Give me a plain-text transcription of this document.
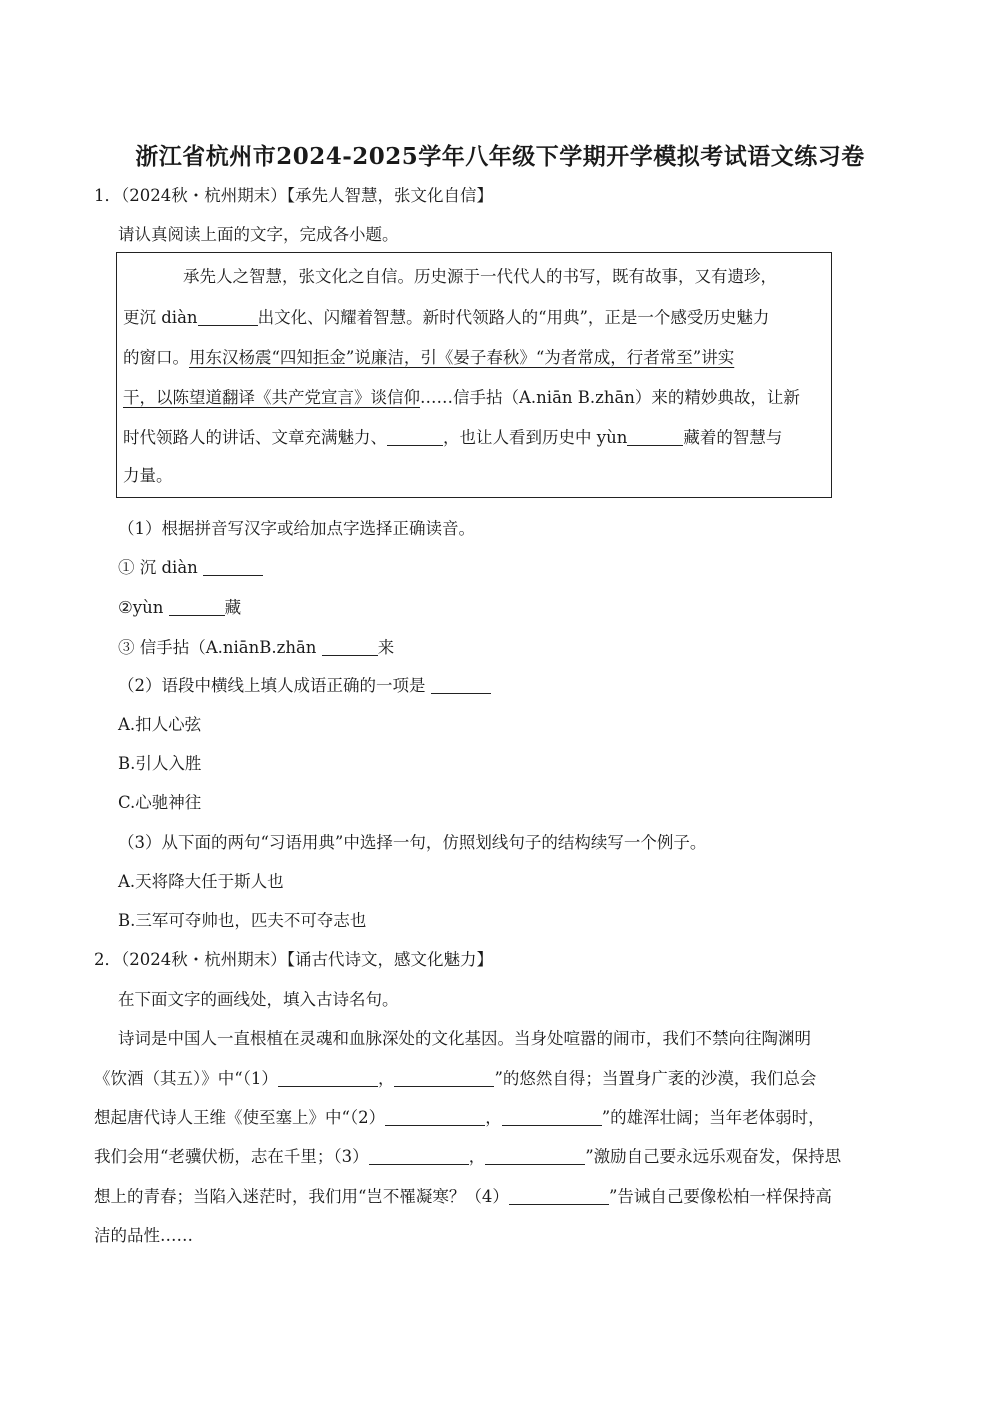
浙江省杭州市2024-2025学年八年级下学期开学模拟考试语文练习卷
1．（2024秋・杭州期末）【承先人智慧，张文化自信】
请认真阅读上面的文字，完成各小题。
承先人之智慧，张文化之自信。历史源于一代代人的书写，既有故事，又有遗珍，
更沉 diàn	出文化、闪耀着智慧。新时代领路人的“用典”，正是一个感受历史魅力
的窗口。用东汉杨震“四知拒金”说廉洁，引《晏子春秋》“为者常成，行者常至”讲实
干，以陈望道翻译《共产党宣言》谈信仰……信手拈（A.niān B.zhān）来的精妙典故，让新
时代领路人的讲话、文章充满魅力、	，也让人看到历史中 yùn	藏着的智慧与
力量。
（1）根据拼音写汉字或给加点字选择正确读音。
① 沉 diàn
②yùn	藏
③ 信手拈（A.niānB.zhān	来
（2）语段中横线上填人成语正确的一项是
A.扣人心弦
B.引人入胜
C.心驰神往
（3）从下面的两句“习语用典”中选择一句，仿照划线句子的结构续写一个例子。
A.天将降大任于斯人也
B.三军可夺帅也，匹夫不可夺志也
2．（2024秋・杭州期末）【诵古代诗文，感文化魅力】
在下面文字的画线处，填入古诗名句。
诗词是中国人一直根植在灵魂和血脉深处的文化基因。当身处喧嚣的闹市，我们不禁向往陶渊明
《饮酒（其五）》中“（1）	，	”的悠然自得；当置身广袤的沙漠，我们总会
想起唐代诗人王维《使至塞上》中“（2）	，	”的雄浑壮阔；当年老体弱时，
我们会用“老骥伏枥，志在千里；（3）	，	”激励自己要永远乐观奋发，保持思
想上的青春；当陷入迷茫时，我们用“岂不罹凝寒？（4）	”告诫自己要像松柏一样保持高
洁的品性……
